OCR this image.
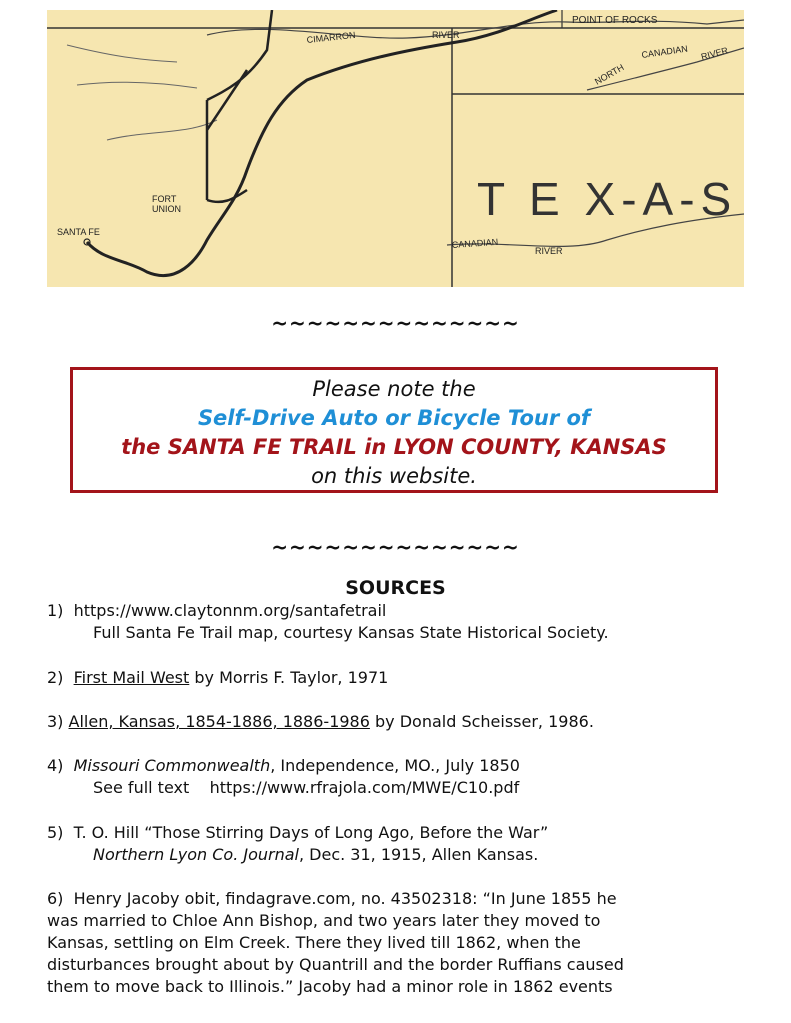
POINT OF ROCKS
CIMARRON	RIVER
CANADIAN RIVER
NORTH
FORT
UNION
SANTA FE
T E X-A-S
CANADIAN
RIVER
~~~~~~~~~~~~~~
Please note the
Self-Drive Auto or Bicycle Tour of
the SANTA FE TRAIL in LYON COUNTY, KANSAS
on this website.
~~~~~~~~~~~~~~
SOURCES
1) https://www.claytonnm.org/santafetrail
Full Santa Fe Trail map, courtesy Kansas State Historical Society.
2) First Mail West by Morris F. Taylor, 1971
3) Allen, Kansas, 1854-1886, 1886-1986 by Donald Scheisser, 1986.
4) Missouri Commonwealth, Independence, MO., July 1850
See full text https://www.rfrajola.com/MWE/C10.pdf
5) T. O. Hill “Those Stirring Days of Long Ago, Before the War”
Northern Lyon Co. Journal, Dec. 31, 1915, Allen Kansas.
6) Henry Jacoby obit, findagrave.com, no. 43502318: “In June 1855 he
was married to Chloe Ann Bishop, and two years later they moved to
Kansas, settling on Elm Creek. There they lived till 1862, when the
disturbances brought about by Quantrill and the border Ruffians caused
them to move back to Illinois.” Jacoby had a minor role in 1862 events
